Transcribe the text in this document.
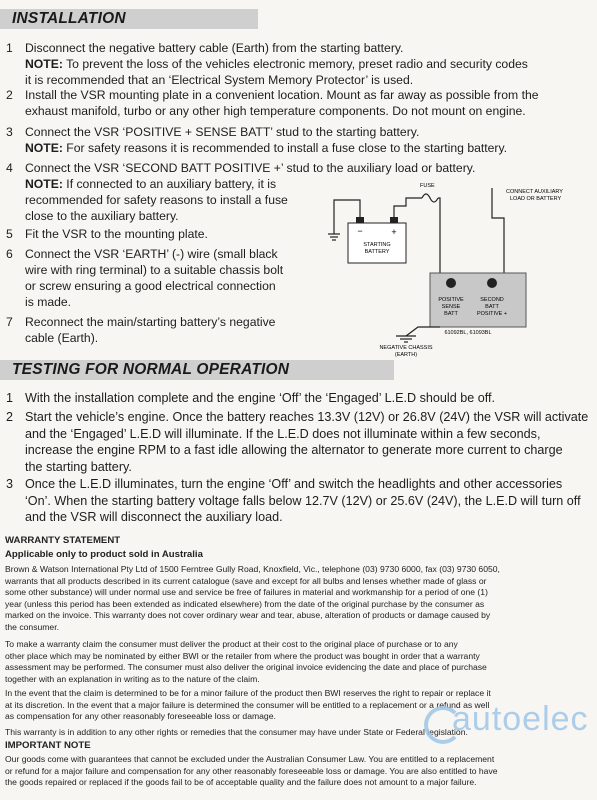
INSTALLATION
1	Disconnect the negative battery cable (Earth) from the starting battery.
NOTE: To prevent the loss of the vehicles electronic memory, preset radio and security codes
it is recommended that an ‘Electrical System Memory Protector’ is used.
2	Install the VSR mounting plate in a convenient location. Mount as far away as possible from the
exhaust manifold, turbo or any other high temperature components. Do not mount on engine.
3	Connect the VSR ‘POSITIVE + SENSE BATT’ stud to the starting battery.
NOTE: For safety reasons it is recommended to install a fuse close to the starting battery.
4	Connect the VSR ‘SECOND BATT POSITIVE +’ stud to the auxiliary load or battery.
NOTE: If connected to an auxiliary battery, it is
recommended for safety reasons to install a fuse
close to the auxiliary battery.
5	Fit the VSR to the mounting plate.
6	Connect the VSR ‘EARTH’ (-) wire (small black
wire with ring terminal) to a suitable chassis bolt
or screw ensuring a good electrical connection
is made.
7	Reconnect the main/starting battery’s negative
cable (Earth).
−	+
STARTING
BATTERY
FUSE
CONNECT AUXILIARY
LOAD OR BATTERY
POSITIVE
SENSE
BATT
SECOND
BATT
POSITIVE +
61092BL, 61093BL
NEGATIVE CHASSIS
(EARTH)
TESTING FOR NORMAL OPERATION
1 With the installation complete and the engine ‘Off’ the ‘Engaged’ L.E.D should be off.
2 Start the vehicle’s engine. Once the battery reaches 13.3V (12V) or 26.8V (24V) the VSR will activate
and the ‘Engaged’ L.E.D will illuminate. If the L.E.D does not illuminate within a few seconds,
increase the engine RPM to a fast idle allowing the alternator to generate more current to charge
the starting battery.
3 Once the L.E.D illuminates, turn the engine ‘Off’ and switch the headlights and other accessories
‘On’. When the starting battery voltage falls below 12.7V (12V) or 25.6V (24V), the L.E.D will turn off
and the VSR will disconnect the auxiliary load.
WARRANTY STATEMENT
Applicable only to product sold in Australia
Brown & Watson International Pty Ltd of 1500 Ferntree Gully Road, Knoxfield, Vic., telephone (03) 9730 6000, fax (03) 9730 6050,
warrants that all products described in its current catalogue (save and except for all bulbs and lenses whether made of glass or
some other substance) will under normal use and service be free of failures in material and workmanship for a period of one (1)
year (unless this period has been extended as indicated elsewhere) from the date of the original purchase by the consumer as
marked on the invoice. This warranty does not cover ordinary wear and tear, abuse, alteration of products or damage caused by
the consumer.
To make a warranty claim the consumer must deliver the product at their cost to the original place of purchase or to any
other place which may be nominated by either BWI or the retailer from where the product was bought in order that a warranty
assessment may be performed. The consumer must also deliver the original invoice evidencing the date and place of purchase
together with an explanation in writing as to the nature of the claim.
In the event that the claim is determined to be for a minor failure of the product then BWI reserves the right to repair or replace it
at its discretion. In the event that a major failure is determined the consumer will be entitled to a replacement or a refund as well
as compensation for any other reasonably foreseeable loss or damage.
This warranty is in addition to any other rights or remedies that the consumer may have under State or Federal legislation.
IMPORTANT NOTE
Our goods come with guarantees that cannot be excluded under the Australian Consumer Law. You are entitled to a replacement
or refund for a major failure and compensation for any other reasonably foreseeable loss or damage. You are also entitled to have
the goods repaired or replaced if the goods fail to be of acceptable quality and the failure does not amount to a major failure.
autoelec
